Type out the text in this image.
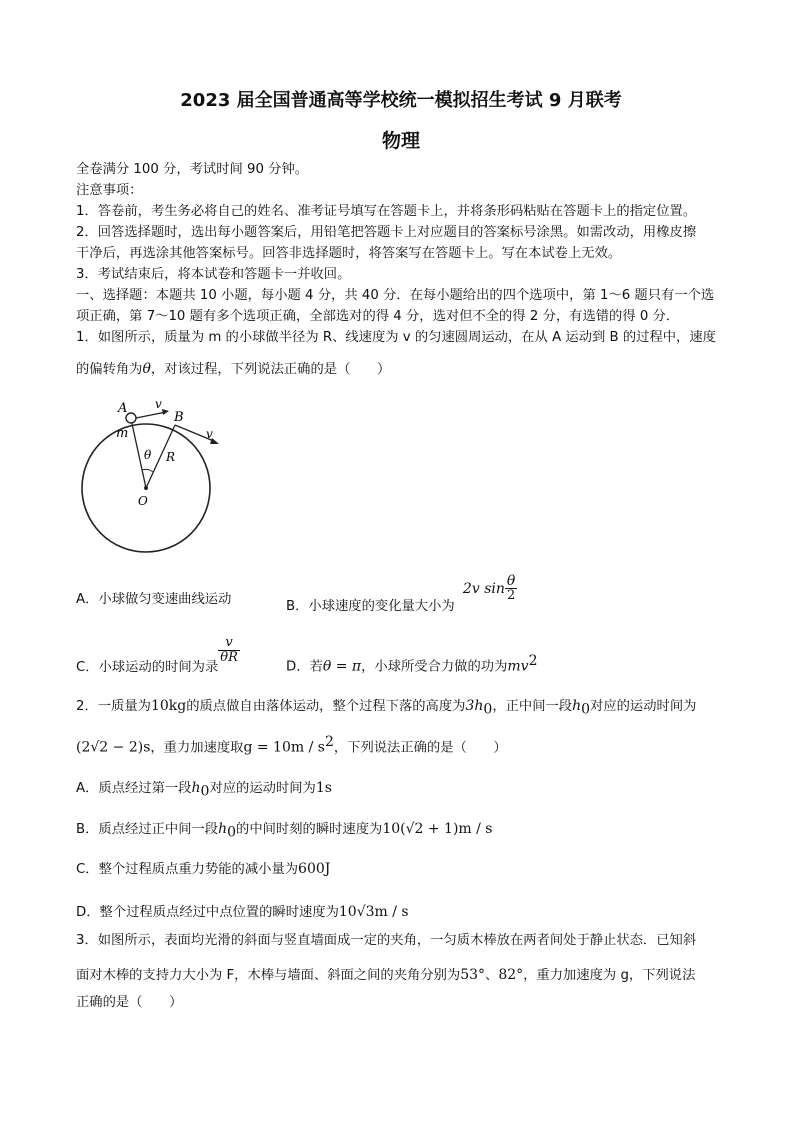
2023 届全国普通高等学校统一模拟招生考试 9 月联考
物理
全卷满分 100 分，考试时间 90 分钟。
注意事项：
1．答卷前，考生务必将自己的姓名、准考证号填写在答题卡上，并将条形码粘贴在答题卡上的指定位置。
2．回答选择题时，选出每小题答案后，用铅笔把答题卡上对应题目的答案标号涂黑。如需改动，用橡皮擦
干净后，再选涂其他答案标号。回答非选择题时，将答案写在答题卡上。写在本试卷上无效。
3．考试结束后，将本试卷和答题卡一并收回。
一、选择题：本题共 10 小题，每小题 4 分，共 40 分．在每小题给出的四个选项中，第 1～6 题只有一个选
项正确，第 7～10 题有多个选项正确，全部选对的得 4 分，选对但不全的得 2 分，有选错的得 0 分．
1．如图所示，质量为 m 的小球做半径为 R、线速度为 v 的匀速圆周运动，在从 A 运动到 B 的过程中，速度
的偏转角为θ，对该过程，下列说法正确的是（　　）
A
B
m
v
v
θ R
O
A．小球做匀变速曲线运动	B．小球速度的变化量大小为 2v $\sin \frac{\theta}{2}$
C．小球运动的时间为录
$\frac{v}{\theta R}$
D．若θ = π，小球所受合力做的功为$mv^2$
2．一质量为10kg的质点做自由落体运动，整个过程下落的高度为$3h_0$，正中间一段$h_0$对应的运动时间为
(2√2 − 2)s，重力加速度取$g = 10m / s^2$，下列说法正确的是（　　）
A．质点经过第一段$h_0$对应的运动时间为1s
B．质点经过正中间一段$h_0$的中间时刻的瞬时速度为10(√2 + 1)m / s
C．整个过程质点重力势能的减小量为600J
D．整个过程质点经过中点位置的瞬时速度为10√3m / s
3．如图所示，表面均光滑的斜面与竖直墙面成一定的夹角，一匀质木棒放在两者间处于静止状态．已知斜
面对木棒的支持力大小为 F，木棒与墙面、斜面之间的夹角分别为53°、82°，重力加速度为 g，下列说法
正确的是（　　）
